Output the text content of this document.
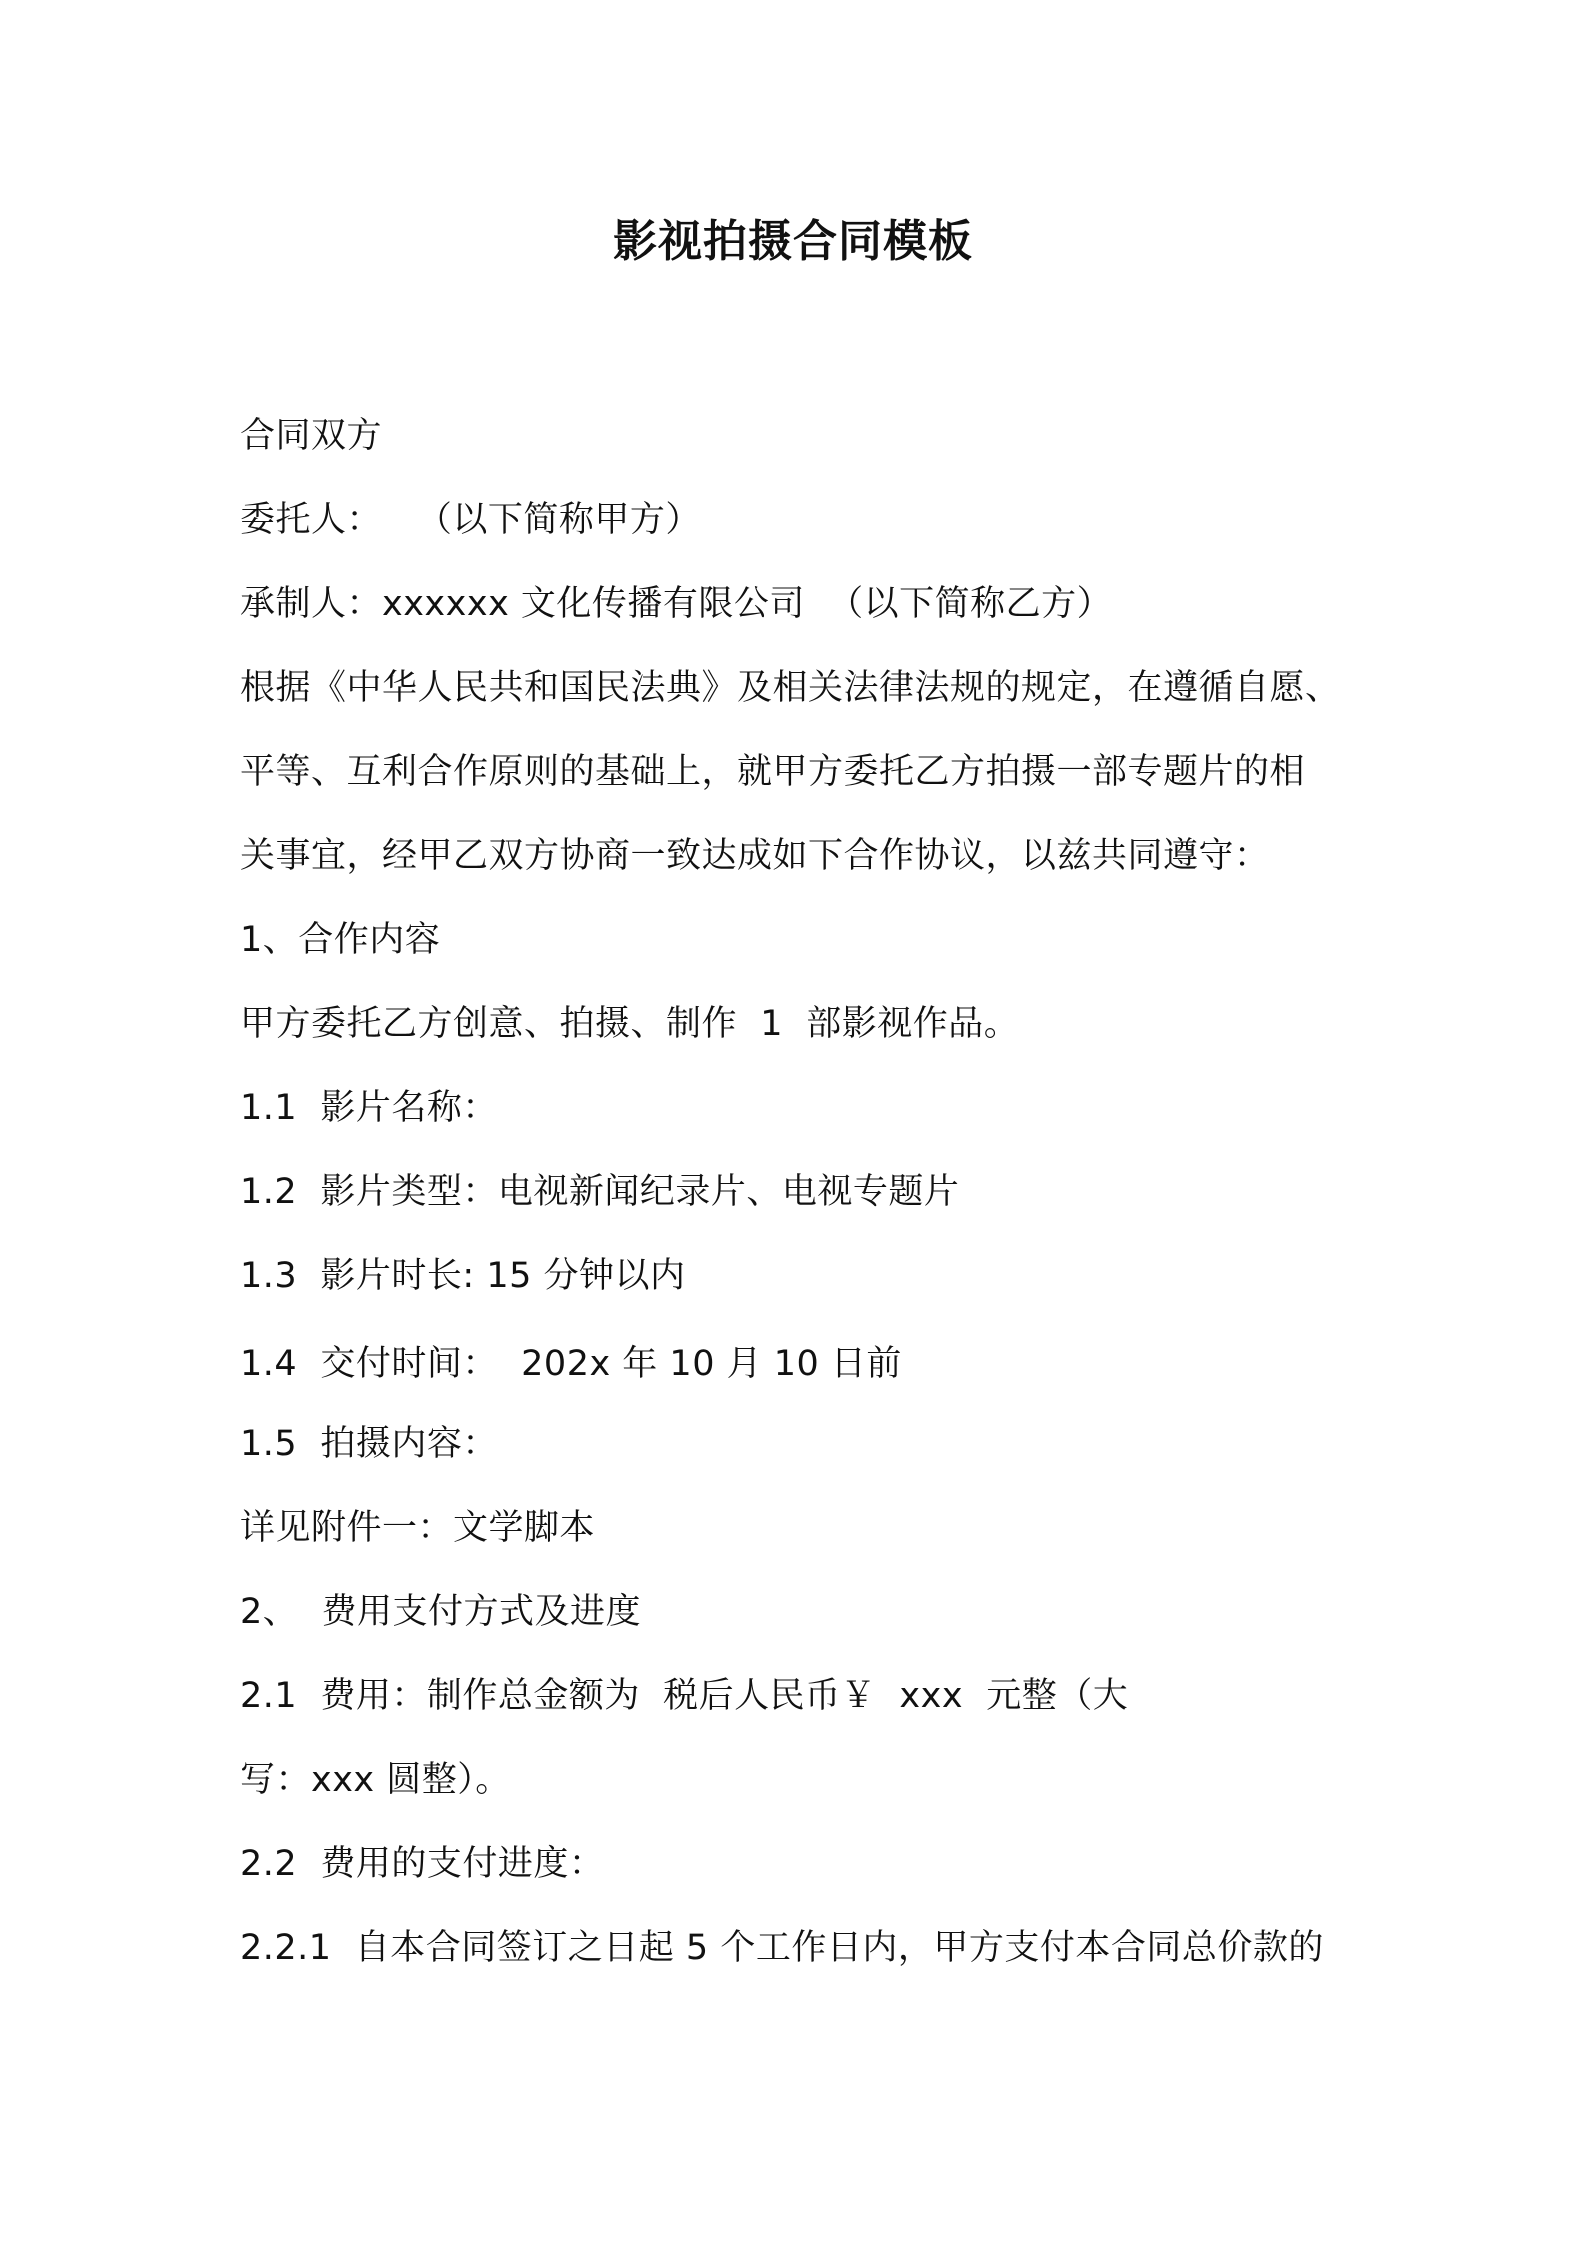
影视拍摄合同模板
合同双方
委托人：   （以下简称甲方）
承制人：xxxxxx 文化传播有限公司  （以下简称乙方）
根据《中华人民共和国民法典》及相关法律法规的规定，在遵循自愿、
平等、互利合作原则的基础上，就甲方委托乙方拍摄一部专题片的相
关事宜，经甲乙双方协商一致达成如下合作协议，以兹共同遵守：
1、合作内容
甲方委托乙方创意、拍摄、制作  1  部影视作品。
1.1  影片名称：
1.2  影片类型：电视新闻纪录片、电视专题片
1.3  影片时长: 15 分钟以内
1.4  交付时间：  202x 年 10 月 10 日前
1.5  拍摄内容：
详见附件一：文学脚本
2、  费用支付方式及进度
2.1  费用：制作总金额为  税后人民币￥  xxx  元整（大
写：xxx 圆整）。
2.2  费用的支付进度：
2.2.1  自本合同签订之日起 5 个工作日内，甲方支付本合同总价款的
